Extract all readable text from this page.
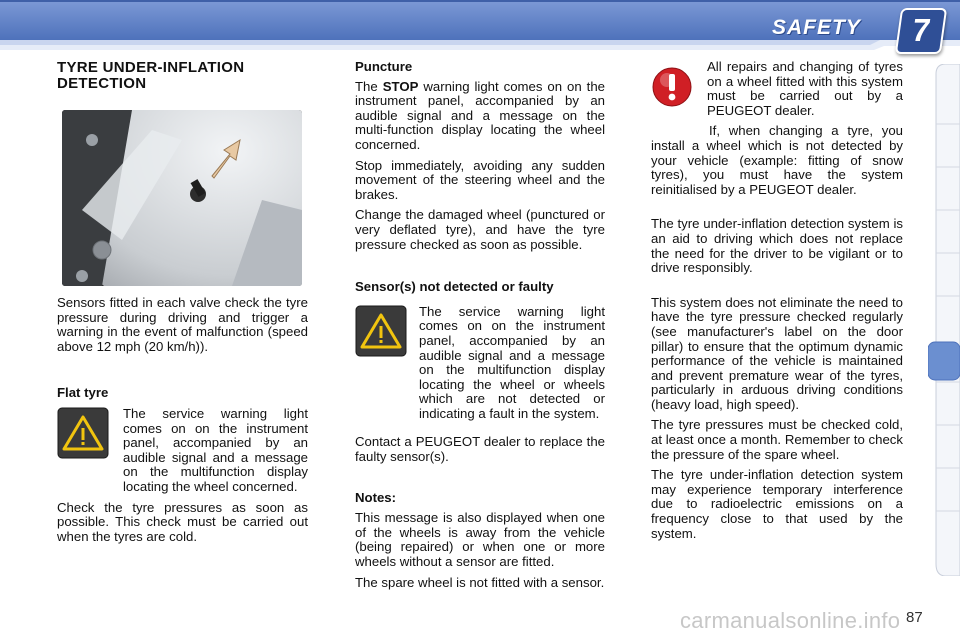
SAFETY	7
TYRE UNDER-INFLATION DETECTION

Sensors fitted in each valve check the tyre pressure during driving and trigger a warning in the event of malfunction (speed above 12 mph (20 km/h)).

Flat tyre

The service warning light comes on on the instrument panel, accompanied by an audible signal and a message on the multifunction display locating the wheel concerned.

Check the tyre pressures as soon as possible. This check must be carried out when the tyres are cold.

Puncture

The STOP warning light comes on on the instrument panel, accompanied by an audible signal and a message on the multi-function display locating the wheel concerned.

Stop immediately, avoiding any sudden movement of the steering wheel and the brakes.

Change the damaged wheel (punctured or very deflated tyre), and have the tyre pressure checked as soon as possible.

Sensor(s) not detected or faulty

The service warning light comes on on the instrument panel, accompanied by an audible signal and a message on the multifunction display locating the wheel or wheels which are not detected or indicating a fault in the system.

Contact a PEUGEOT dealer to replace the faulty sensor(s).

Notes:

This message is also displayed when one of the wheels is away from the vehicle (being repaired) or when one or more wheels without a sensor are fitted.

The spare wheel is not fitted with a sensor.

All repairs and changing of tyres on a wheel fitted with this system must be carried out by a PEUGEOT dealer.

If, when changing a tyre, you install a wheel which is not detected by your vehicle (example: fitting of snow tyres), you must have the system reinitialised by a PEUGEOT dealer.

The tyre under-inflation detection system is an aid to driving which does not replace the need for the driver to be vigilant or to drive responsibly.

This system does not eliminate the need to have the tyre pressure checked regularly (see manufacturer's label on the door pillar) to ensure that the optimum dynamic performance of the vehicle is maintained and prevent premature wear of the tyres, particularly in arduous driving conditions (heavy load, high speed).

The tyre pressures must be checked cold, at least once a month. Remember to check the pressure of the spare wheel.

The tyre under-inflation detection system may experience temporary interference due to radioelectric emissions on a frequency close to that used by the system.

carmanualsonline.info 87
